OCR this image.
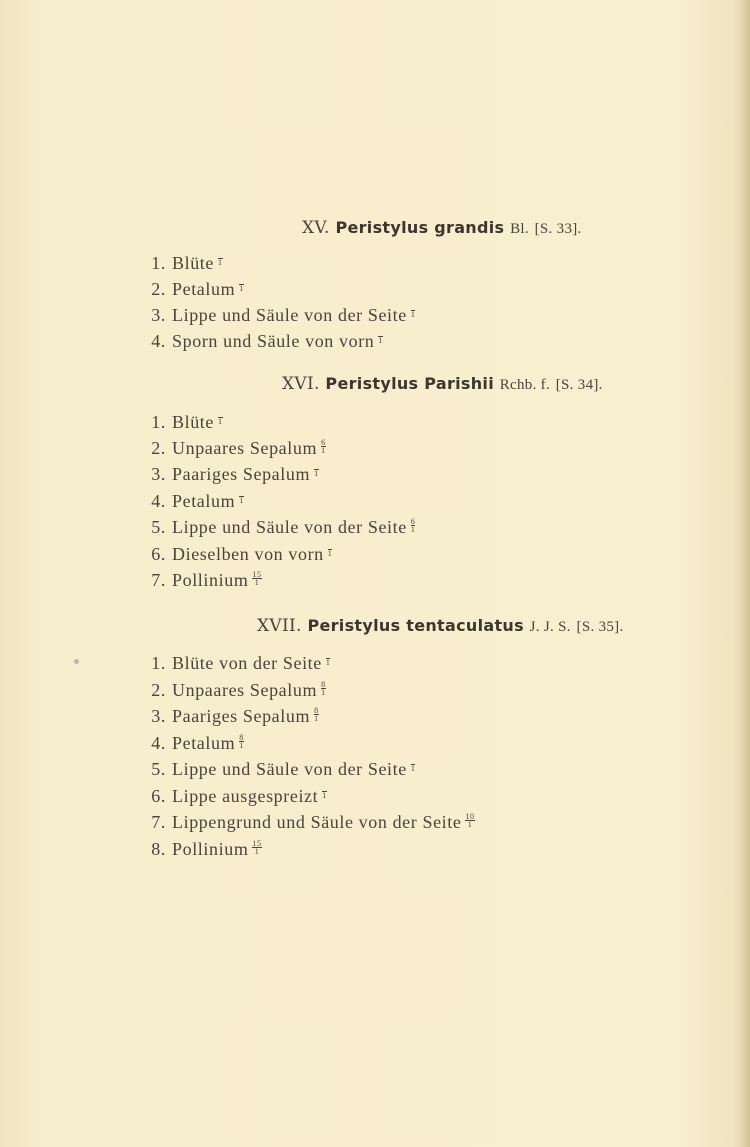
XV. Peristylus grandis Bl. [S. 33].
1. Blüte 1
2. Petalum 1
3. Lippe und Säule von der Seite 1
4. Sporn und Säule von vorn 1
XVI. Peristylus Parishii Rchb. f. [S. 34].
1. Blüte 1
2. Unpaares Sepalum $\frac{6}{1}$
3. Paariges Sepalum 1
4. Petalum 1
5. Lippe und Säule von der Seite $\frac{6}{1}$
6. Dieselben von vorn 1
7. Pollinium $\frac{15}{1}$
XVII. Peristylus tentaculatus J. J. S. [S. 35].
1. Blüte von der Seite 1
2. Unpaares Sepalum $\frac{8}{1}$
3. Paariges Sepalum $\frac{8}{1}$
4. Petalum $\frac{8}{1}$
5. Lippe und Säule von der Seite 1
6. Lippe ausgespreizt 1
7. Lippengrund und Säule von der Seite $\frac{10}{1}$
8. Pollinium $\frac{15}{1}$
